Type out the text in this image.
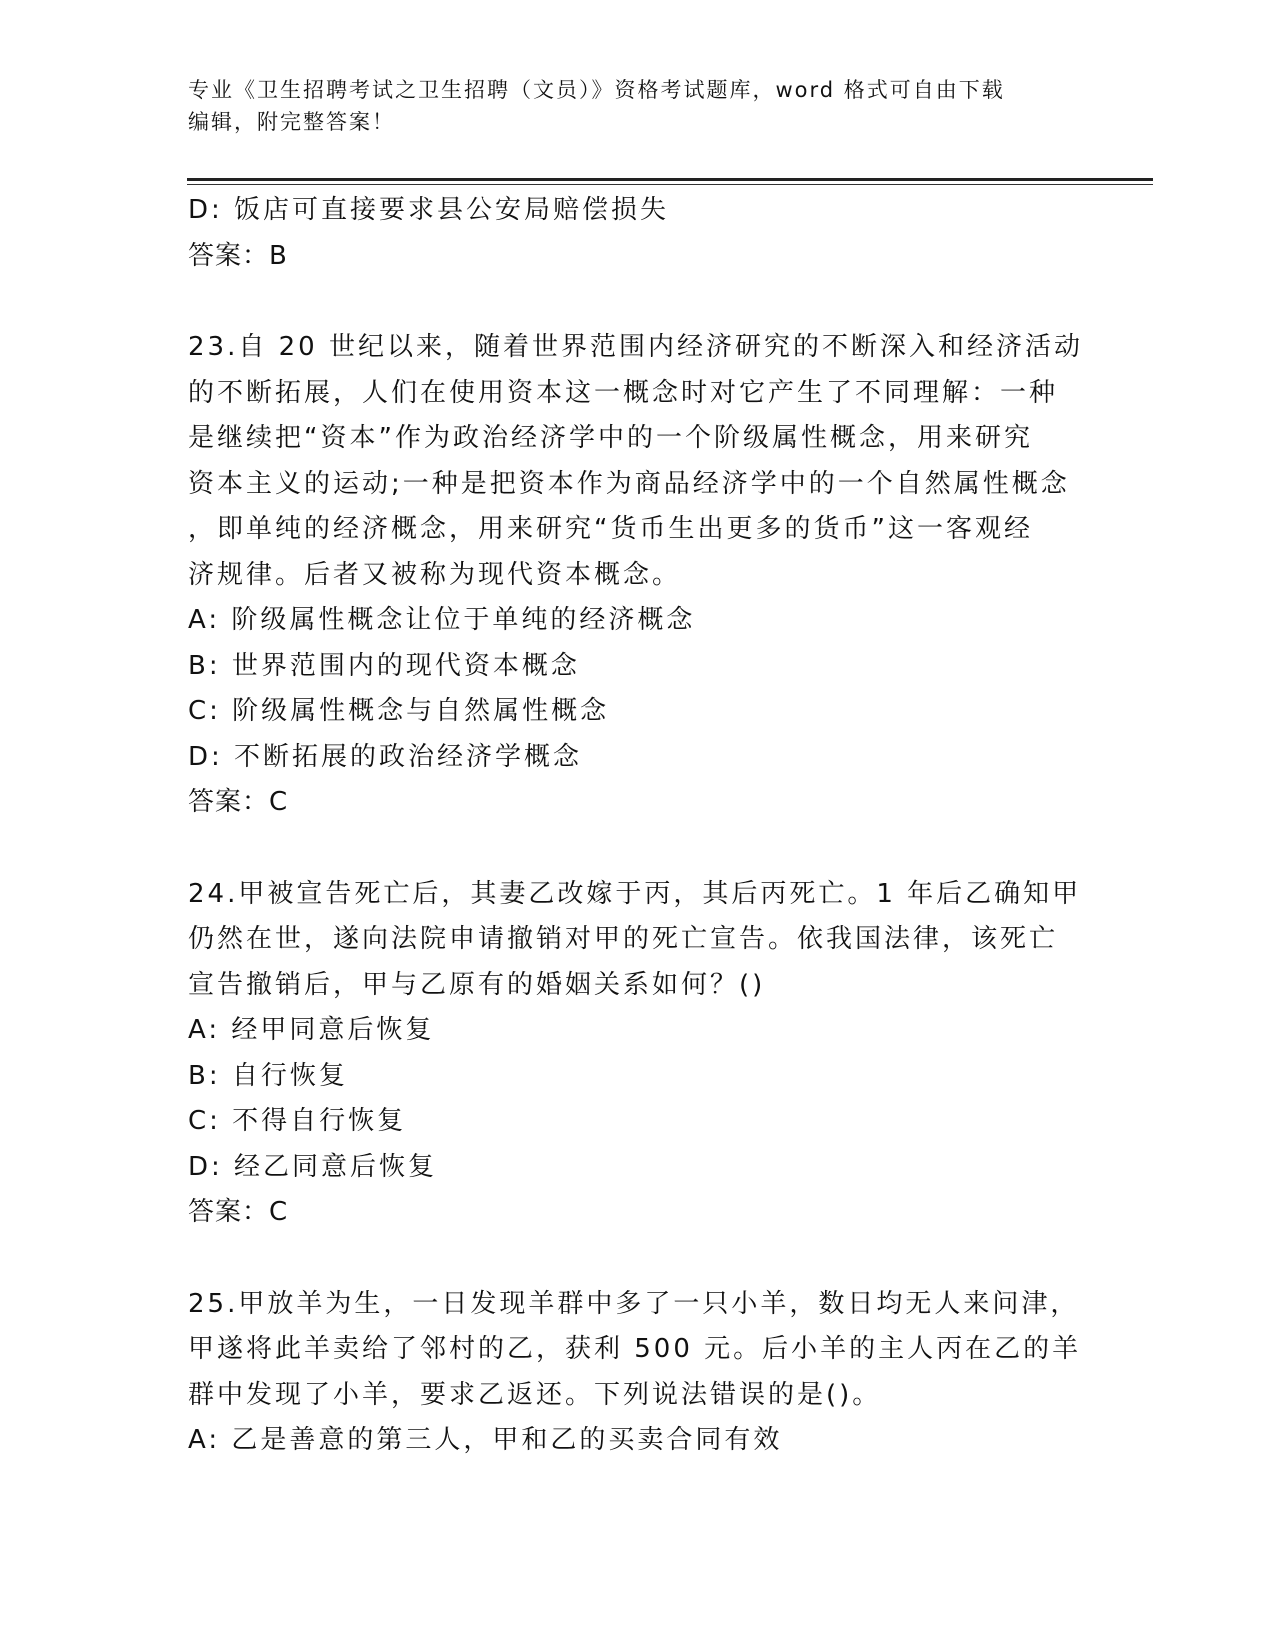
专业《卫生招聘考试之卫生招聘（文员）》资格考试题库，word 格式可自由下载
编辑，附完整答案！
D: 饭店可直接要求县公安局赔偿损失
答案：B
23.自 20 世纪以来，随着世界范围内经济研究的不断深入和经济活动
的不断拓展，人们在使用资本这一概念时对它产生了不同理解：一种
是继续把“资本”作为政治经济学中的一个阶级属性概念，用来研究
资本主义的运动;一种是把资本作为商品经济学中的一个自然属性概念
，即单纯的经济概念，用来研究“货币生出更多的货币”这一客观经
济规律。后者又被称为现代资本概念。
A: 阶级属性概念让位于单纯的经济概念
B: 世界范围内的现代资本概念
C: 阶级属性概念与自然属性概念
D: 不断拓展的政治经济学概念
答案：C
24.甲被宣告死亡后，其妻乙改嫁于丙，其后丙死亡。1 年后乙确知甲
仍然在世，遂向法院申请撤销对甲的死亡宣告。依我国法律，该死亡
宣告撤销后，甲与乙原有的婚姻关系如何？()
A: 经甲同意后恢复
B: 自行恢复
C: 不得自行恢复
D: 经乙同意后恢复
答案：C
25.甲放羊为生，一日发现羊群中多了一只小羊，数日均无人来问津，
甲遂将此羊卖给了邻村的乙，获利 500 元。后小羊的主人丙在乙的羊
群中发现了小羊，要求乙返还。下列说法错误的是()。
A: 乙是善意的第三人，甲和乙的买卖合同有效
